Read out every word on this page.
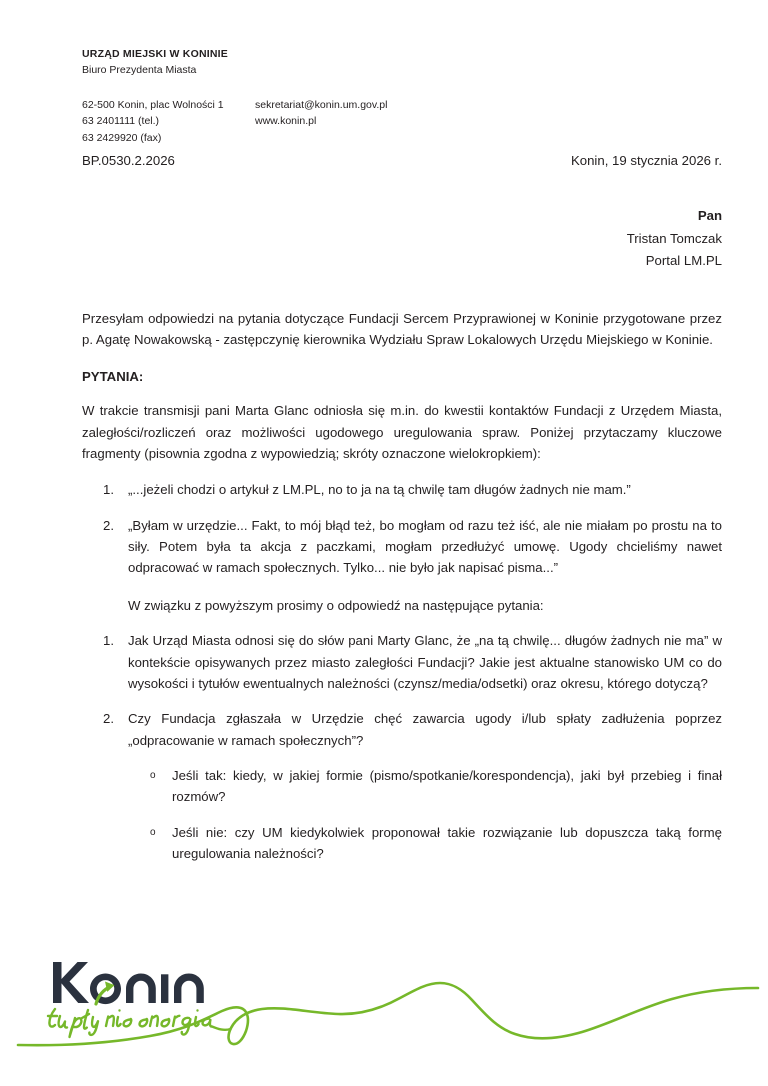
URZĄD MIEJSKI W KONINIE
Biuro Prezydenta Miasta
62-500 Konin, plac Wolności 1
63 2401111 (tel.)
63 2429920 (fax)
sekretariat@konin.um.gov.pl
www.konin.pl
BP.0530.2.2026	Konin, 19 stycznia 2026 r.
Pan
Tristan Tomczak
Portal LM.PL

Przesyłam odpowiedzi na pytania dotyczące Fundacji Sercem Przyprawionej w Koninie przygotowane przez p. Agatę Nowakowską - zastępczynię kierownika Wydziału Spraw Lokalowych Urzędu Miejskiego w Koninie.

PYTANIA:

W trakcie transmisji pani Marta Glanc odniosła się m.in. do kwestii kontaktów Fundacji z Urzędem Miasta, zaległości/rozliczeń oraz możliwości ugodowego uregulowania spraw. Poniżej przytaczamy kluczowe fragmenty (pisownia zgodna z wypowiedzią; skróty oznaczone wielokropkiem):

1. „...jeżeli chodzi o artykuł z LM.PL, no to ja na tą chwilę tam długów żadnych nie mam.”
2. „Byłam w urzędzie... Fakt, to mój błąd też, bo mogłam od razu też iść, ale nie miałam po prostu na to siły. Potem była ta akcja z paczkami, mogłam przedłużyć umowę. Ugody chcieliśmy nawet odpracować w ramach społecznych. Tylko... nie było jak napisać pisma...”

W związku z powyższym prosimy o odpowiedź na następujące pytania:

1. Jak Urząd Miasta odnosi się do słów pani Marty Glanc, że „na tą chwilę... długów żadnych nie ma” w kontekście opisywanych przez miasto zaległości Fundacji? Jakie jest aktualne stanowisko UM co do wysokości i tytułów ewentualnych należności (czynsz/media/odsetki) oraz okresu, którego dotyczą?
2. Czy Fundacja zgłaszała w Urzędzie chęć zawarcia ugody i/lub spłaty zadłużenia poprzez „odpracowanie w ramach społecznych”?
o Jeśli tak: kiedy, w jakiej formie (pismo/spotkanie/korespondencja), jaki był przebieg i finał rozmów?
o Jeśli nie: czy UM kiedykolwiek proponował takie rozwiązanie lub dopuszcza taką formę uregulowania należności?
